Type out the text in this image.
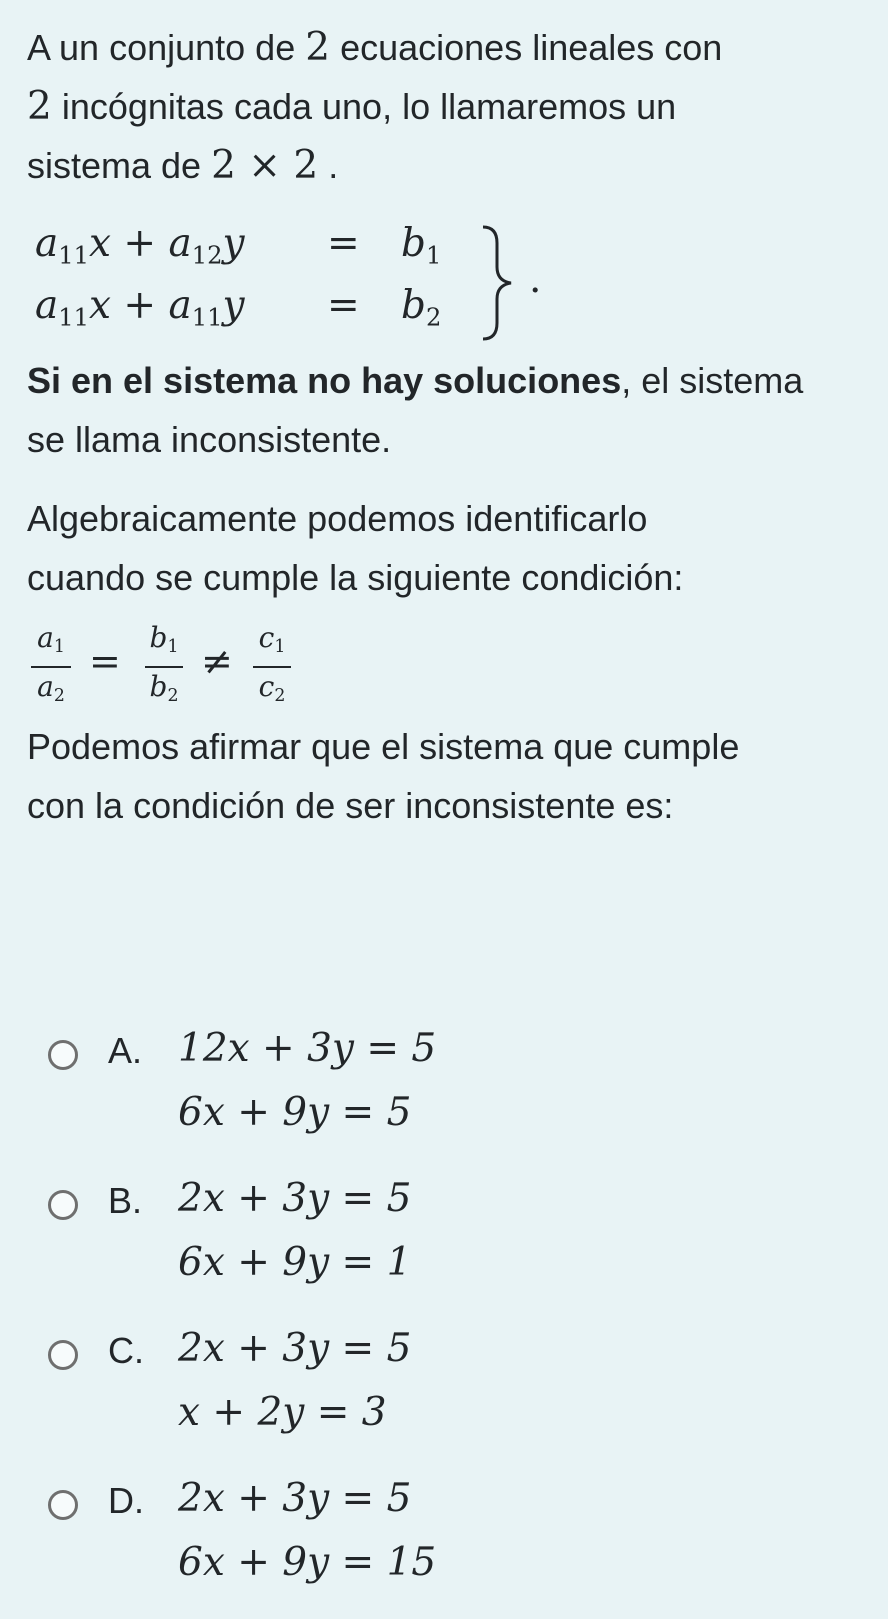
A un conjunto de 2 ecuaciones lineales con

2 incógnitas cada uno, lo llamaremos un

sistema de 2 × 2 .

$a_{11}x + a_{12}y = b_1$
$a_{11}x + a_{11}y = b_2$
.

Si en el sistema no hay soluciones, el sistema

se llama inconsistente.

Algebraicamente podemos identificarlo

cuando se cumple la siguiente condición:

$a_1$
$a_2$
=
$b_1$
$b_2$
≠
$c_1$
$c_2$

Podemos afirmar que el sistema que cumple

con la condición de ser inconsistente es:

A. 12x + 3y = 5
6x + 9y = 5
B. 2x + 3y = 5
6x + 9y = 1
C. 2x + 3y = 5
x + 2y = 3
D. 2x + 3y = 5
6x + 9y = 15
